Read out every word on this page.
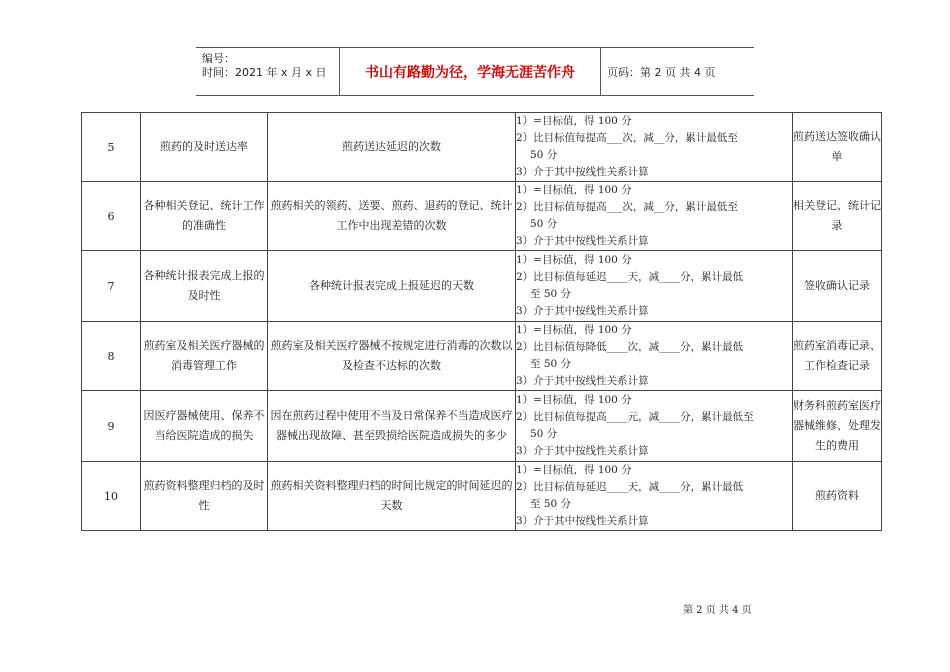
编号：
时间：2021 年 x 月 x 日	书山有路勤为径，学海无涯苦作舟	页码：第 2 页 共 4 页
5	煎药的及时送达率	煎药送达延迟的次数	1）=目标值，得 100 分
2）比目标值每提高___次，减__分，累计最低至
50 分
3）介于其中按线性关系计算	煎药送达签收确认单
6	各种相关登记、统计工作的准确性	煎药相关的领药、送要、煎药、退药的登记、统计工作中出现差错的次数	1）=目标值，得 100 分
2）比目标值每提高___次，减__分，累计最低至
50 分
3）介于其中按线性关系计算	相关登记、统计记录
7	各种统计报表完成上报的及时性	各种统计报表完成上报延迟的天数	1）=目标值，得 100 分
2）比目标值每延迟____天，减____分，累计最低
至 50 分
3）介于其中按线性关系计算	签收确认记录
8	煎药室及相关医疗器械的消毒管理工作	煎药室及相关医疗器械不按规定进行消毒的次数以及检查不达标的次数	1）=目标值，得 100 分
2）比目标值每降低____次，减____分，累计最低
至 50 分
3）介于其中按线性关系计算	煎药室消毒记录、工作检查记录
9	因医疗器械使用、保养不当给医院造成的损失	因在煎药过程中使用不当及日常保养不当造成医疗器械出现故障、甚至毁损给医院造成损失的多少	1）=目标值，得 100 分
2）比目标值每提高____元，减____分，累计最低至
50 分
3）介于其中按线性关系计算	财务科煎药室医疗器械维修、处理发生的费用
10	煎药资料整理归档的及时性	煎药相关资料整理归档的时间比规定的时间延迟的天数	1）=目标值，得 100 分
2）比目标值每延迟____天，减____分，累计最低
至 50 分
3）介于其中按线性关系计算	煎药资料
第 2 页 共 4 页
